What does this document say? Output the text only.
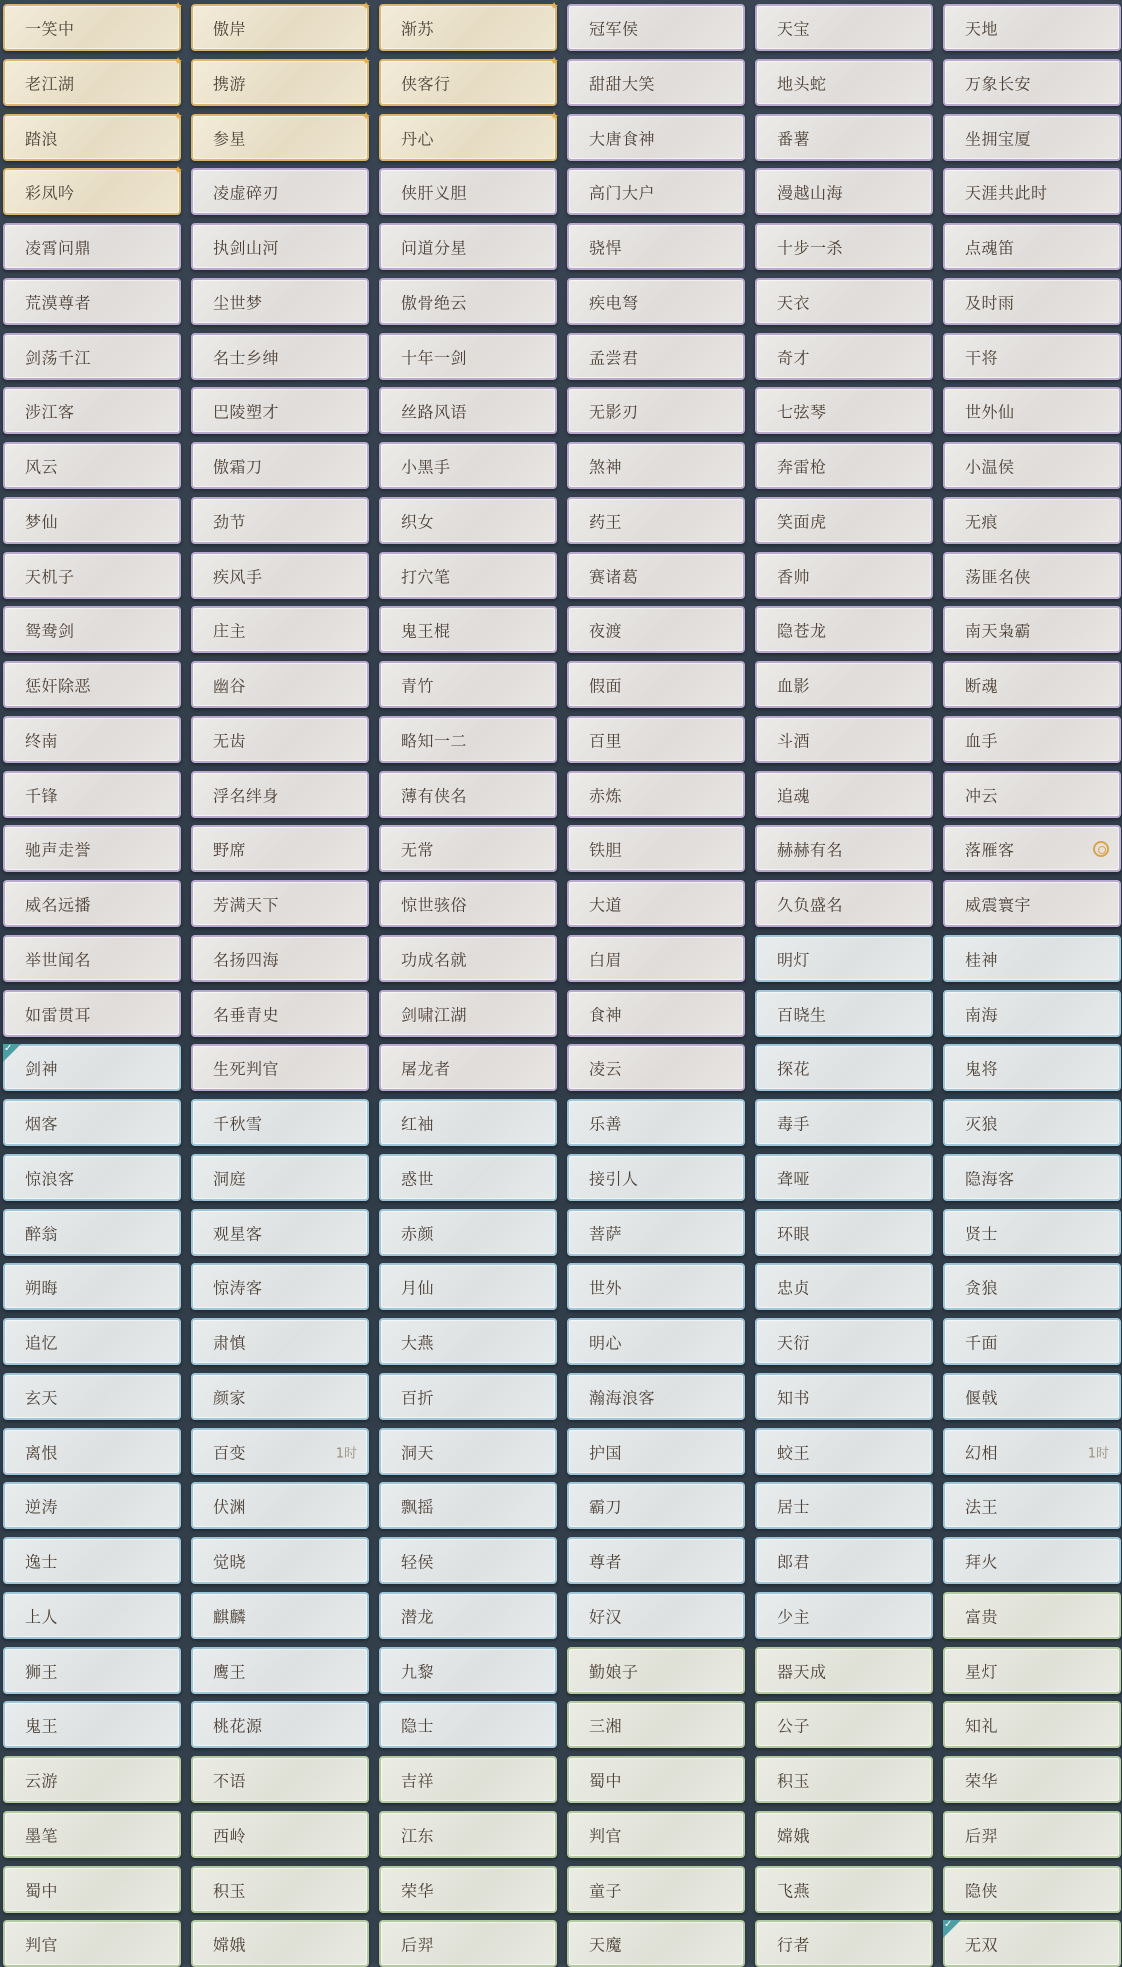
一笑中
✦
老江湖
✦
踏浪
✦
彩凤吟
✦
凌霄问鼎
荒漠尊者
剑荡千江
涉江客
风云
梦仙
天机子
鸳鸯剑
惩奸除恶
终南
千锋
驰声走誉
威名远播
举世闻名
如雷贯耳
剑神
✓
烟客
惊浪客
醉翁
朔晦
追忆
玄天
离恨
逆涛
逸士
上人
狮王
鬼王
云游
墨笔
蜀中
判官
傲岸
✦
携游
✦
参星
✦
凌虚碎刃
执剑山河
尘世梦
名士乡绅
巴陵塑才
傲霜刀
劲节
疾风手
庄主
幽谷
无齿
浮名绊身
野席
芳满天下
名扬四海
名垂青史
生死判官
千秋雪
洞庭
观星客
惊涛客
肃慎
颜家
百变	1时
伏渊
觉晓
麒麟
鹰王
桃花源
不语
西岭
积玉
嫦娥
渐苏
✦
侠客行
✦
丹心
✦
侠肝义胆
问道分星
傲骨绝云
十年一剑
丝路风语
小黑手
织女
打穴笔
鬼王棍
青竹
略知一二
薄有侠名
无常
惊世骇俗
功成名就
剑啸江湖
屠龙者
红袖
惑世
赤颜
月仙
大燕
百折
洞天
飘摇
轻侯
潜龙
九黎
隐士
吉祥
江东
荣华
后羿
冠军侯
甜甜大笑
大唐食神
高门大户
骁悍
疾电弩
孟尝君
无影刃
煞神
药王
赛诸葛
夜渡
假面
百里
赤炼
铁胆
大道
白眉
食神
凌云
乐善
接引人
菩萨
世外
明心
瀚海浪客
护国
霸刀
尊者
好汉
勤娘子
三湘
蜀中
判官
童子
天魔
天宝
地头蛇
番薯
漫越山海
十步一杀
天衣
奇才
七弦琴
奔雷枪
笑面虎
香帅
隐苍龙
血影
斗酒
追魂
赫赫有名
久负盛名
明灯
百晓生
探花
毒手
聋哑
环眼
忠贞
天衍
知书
蛟王
居士
郎君
少主
器天成
公子
积玉
嫦娥
飞燕
行者
天地
万象长安
坐拥宝厦
天涯共此时
点魂笛
及时雨
干将
世外仙
小温侯
无痕
荡匪名侠
南天枭霸
断魂
血手
冲云
落雁客
威震寰宇
桂神
南海
鬼将
灭狼
隐海客
贤士
贪狼
千面
偃戟
幻相	1时
法王
拜火
富贵
星灯
知礼
荣华
后羿
隐侠
无双
✓
